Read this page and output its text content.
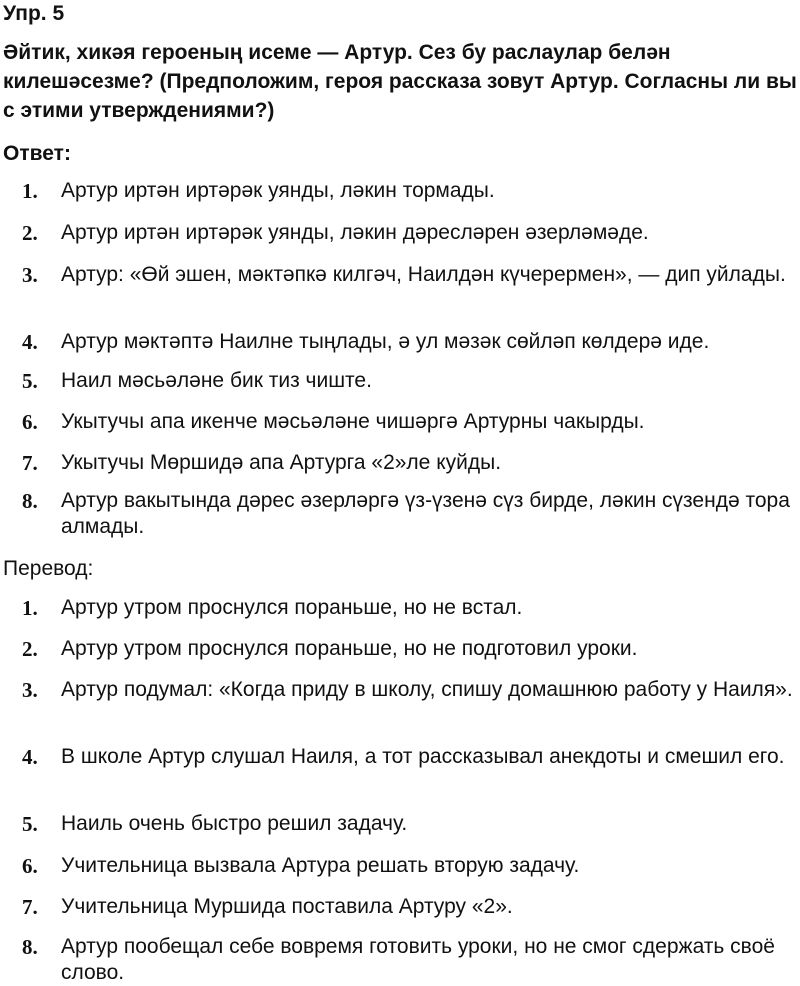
Упр. 5
Әйтик, хикәя героеның исеме — Артур. Сез бу раслаулар белән килешәсезме? (Предположим, героя рассказа зовут Артур. Согласны ли вы с этими утверждениями?)
Ответ:
1. Артур иртән иртәрәк уянды, ләкин тормады.
2. Артур иртән иртәрәк уянды, ләкин дәресләрен әзерләмәде.
3. Артур: «Өй эшен, мәктәпкә килгәч, Наилдән күчерермен», — дип уйлады.
4. Артур мәктәптә Наилне тыңлады, ә ул мәзәк сөйләп көлдерә иде.
5. Наил мәсьәләне бик тиз чиште.
6. Укытучы апа икенче мәсьәләне чишәргә Артурны чакырды.
7. Укытучы Мөршидә апа Артурга «2»ле куйды.
8. Артур вакытында дәрес әзерләргә үз-үзенә сүз бирде, ләкин сүзендә тора алмады.
Перевод:
1. Артур утром проснулся пораньше, но не встал.
2. Артур утром проснулся пораньше, но не подготовил уроки.
3. Артур подумал: «Когда приду в школу, спишу домашнюю работу у Наиля».
4. В школе Артур слушал Наиля, а тот рассказывал анекдоты и смешил его.
5. Наиль очень быстро решил задачу.
6. Учительница вызвала Артура решать вторую задачу.
7. Учительница Муршида поставила Артуру «2».
8. Артур пообещал себе вовремя готовить уроки, но не смог сдержать своё слово.
